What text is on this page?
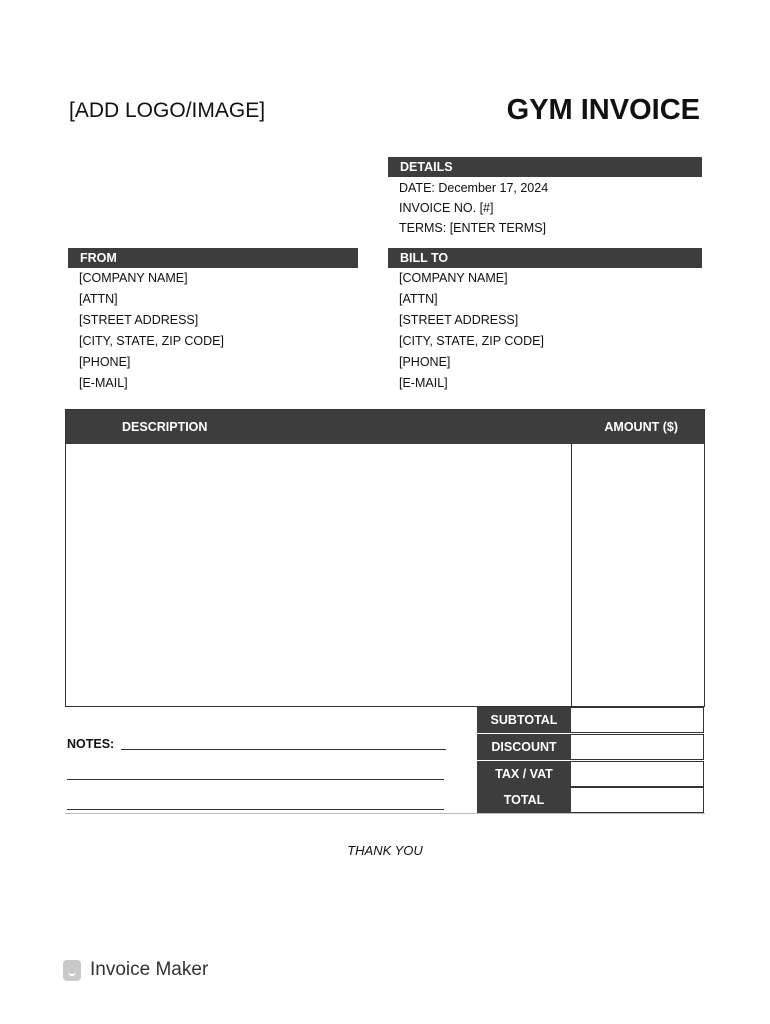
[ADD LOGO/IMAGE]	GYM INVOICE
DETAILS
DATE: December 17, 2024
INVOICE NO. [#]
TERMS: [ENTER TERMS]
FROM
[COMPANY NAME]
[ATTN]
[STREET ADDRESS]
[CITY, STATE, ZIP CODE]
[PHONE]
[E-MAIL]
BILL TO
[COMPANY NAME]
[ATTN]
[STREET ADDRESS]
[CITY, STATE, ZIP CODE]
[PHONE]
[E-MAIL]
DESCRIPTION	AMOUNT ($)
SUBTOTAL
DISCOUNT
TAX / VAT
TOTAL
NOTES:
THANK YOU
Invoice Maker
